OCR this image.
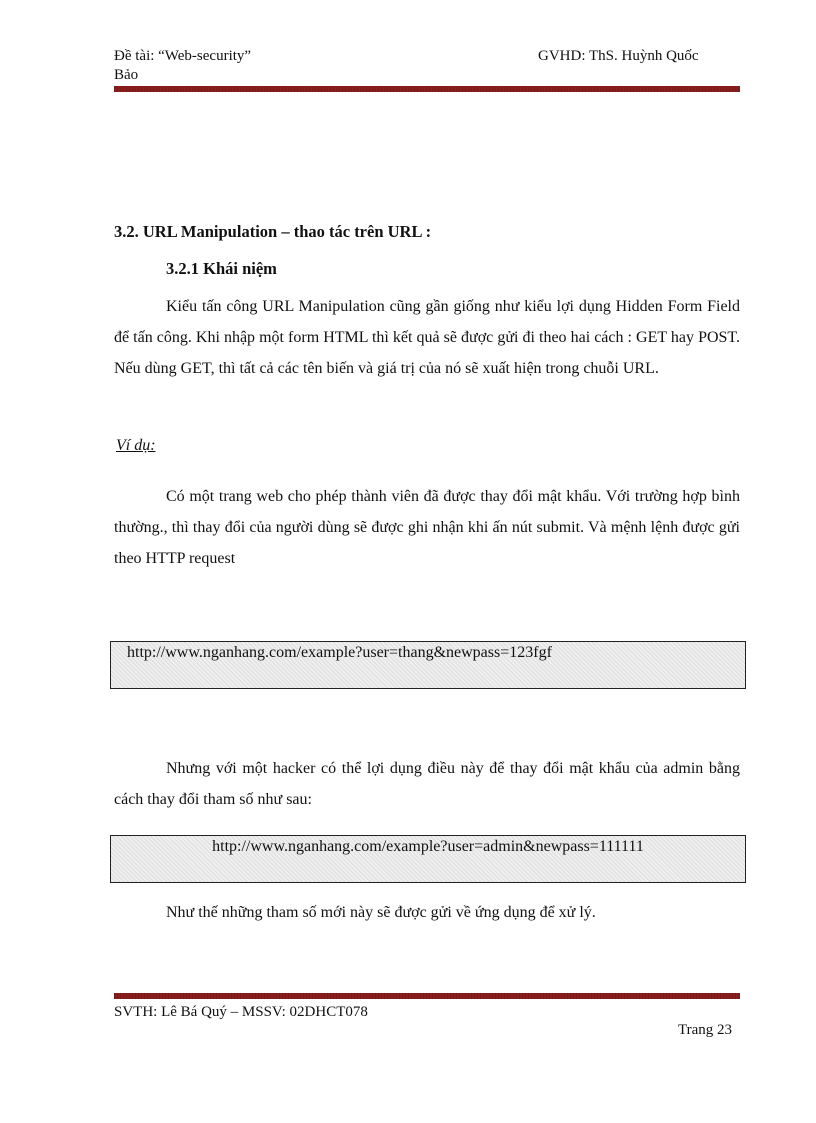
Đề tài: “Web-security”	GVHD: ThS. Huỳnh Quốc
Bảo
3.2. URL Manipulation – thao tác trên URL :
3.2.1 Khái niệm
Kiểu tấn công URL Manipulation cũng gần giống như kiểu lợi dụng Hidden Form Field để tấn công. Khi nhập một form HTML thì kết quả sẽ được gửi đi theo hai cách : GET hay POST. Nếu dùng GET, thì tất cả các tên biến và giá trị của nó sẽ xuất hiện trong chuỗi URL.
Ví dụ:
Có một trang web cho phép thành viên đã được thay đổi mật khẩu. Với trường hợp bình thường., thì thay đổi của người dùng sẽ được ghi nhận khi ấn nút submit. Và mệnh lệnh được gửi theo HTTP request
http://www.nganhang.com/example?user=thang&newpass=123fgf
Nhưng với một hacker có thể lợi dụng điều này để thay đổi mật khẩu của admin bằng cách thay đổi tham số như sau:
http://www.nganhang.com/example?user=admin&newpass=111111
Như thế những tham số mới này sẽ được gửi về ứng dụng để xử lý.
SVTH: Lê Bá Quý – MSSV: 02DHCT078
Trang 23
